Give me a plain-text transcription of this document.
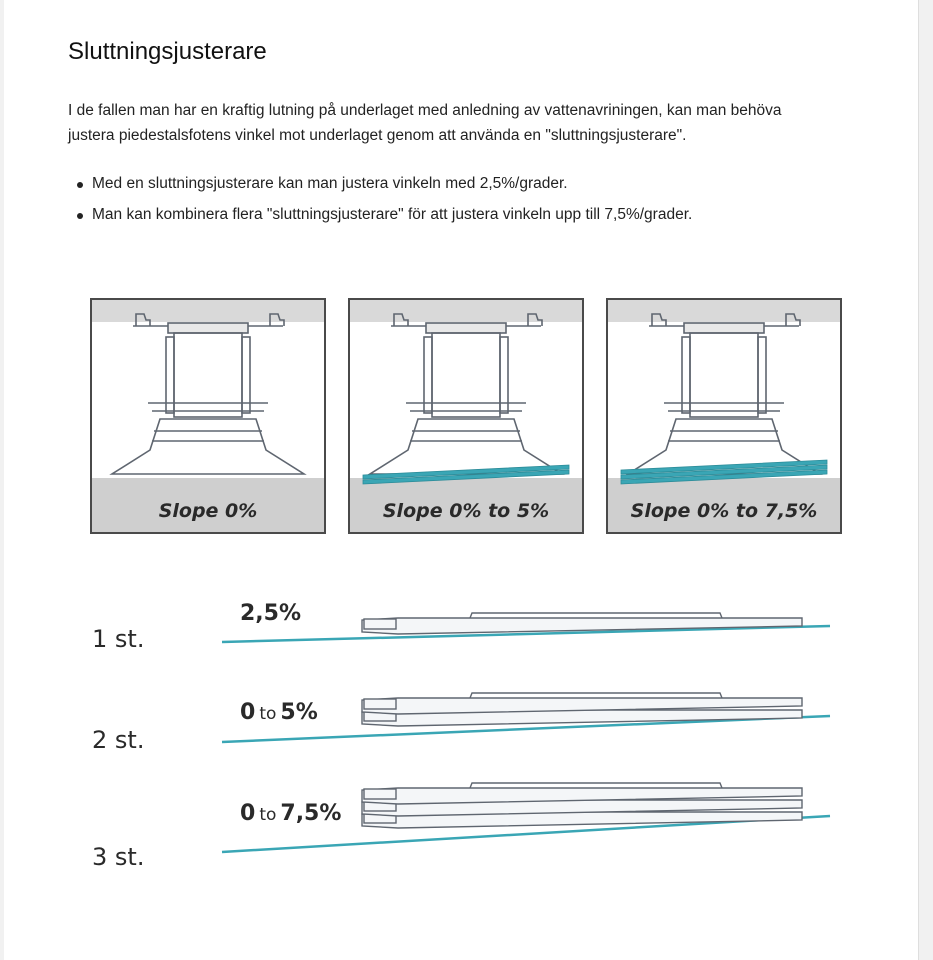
Sluttningsjusterare
I de fallen man har en kraftig lutning på underlaget med anledning av vattenavriningen, kan man behöva
justera piedestalsfotens vinkel mot underlaget genom att använda en "sluttningsjusterare".
Med en sluttningsjusterare kan man justera vinkeln med 2,5%/grader.
Man kan kombinera flera "sluttningsjusterare" för att justera vinkeln upp till 7,5%/grader.
Slope 0%	Slope 0% to 5%	Slope 0% to 7,5%
1 st.
2,5%
2 st.
0 to 5%
3 st.
0 to 7,5%
